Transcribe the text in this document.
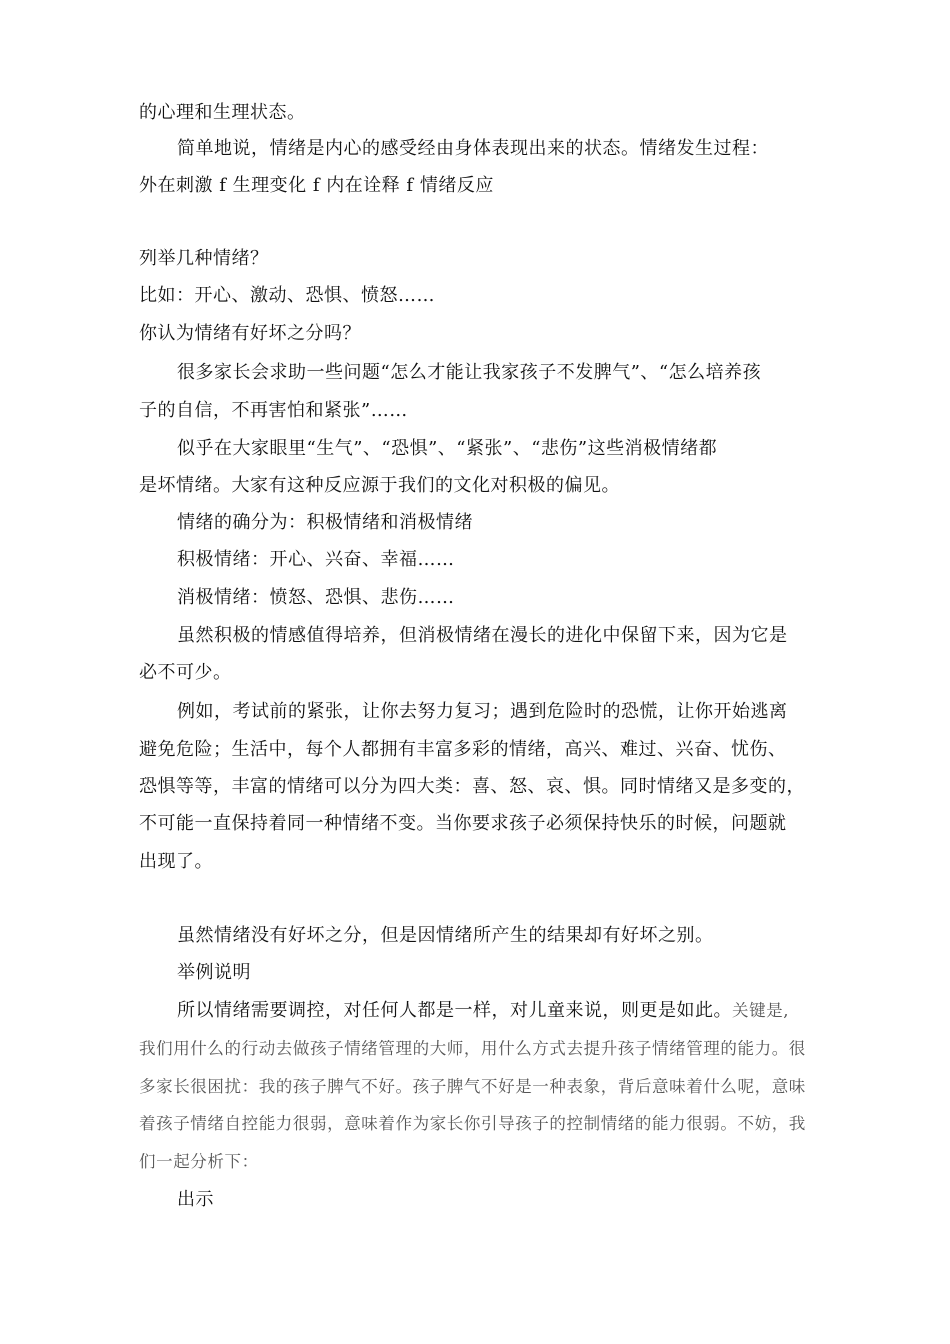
的心理和生理状态。
简单地说，情绪是内心的感受经由身体表现出来的状态。情绪发生过程：
外在刺激 f 生理变化 f 内在诠释 f 情绪反应
列举几种情绪？
比如：开心、激动、恐惧、愤怒……
你认为情绪有好坏之分吗？
很多家长会求助一些问题“怎么才能让我家孩子不发脾气”、“怎么培养孩
子的自信，不再害怕和紧张”……
似乎在大家眼里“生气”、“恐惧”、“紧张”、“悲伤”这些消极情绪都
是坏情绪。大家有这种反应源于我们的文化对积极的偏见。
情绪的确分为：积极情绪和消极情绪
积极情绪：开心、兴奋、幸福……
消极情绪：愤怒、恐惧、悲伤……
虽然积极的情感值得培养，但消极情绪在漫长的进化中保留下来，因为它是
必不可少。
例如，考试前的紧张，让你去努力复习；遇到危险时的恐慌，让你开始逃离
避免危险；生活中，每个人都拥有丰富多彩的情绪，高兴、难过、兴奋、忧伤、
恐惧等等，丰富的情绪可以分为四大类：喜、怒、哀、惧。同时情绪又是多变的，
不可能一直保持着同一种情绪不变。当你要求孩子必须保持快乐的时候，问题就
出现了。
虽然情绪没有好坏之分，但是因情绪所产生的结果却有好坏之别。
举例说明
所以情绪需要调控，对任何人都是一样，对儿童来说，则更是如此。关键是,
我们用什么的行动去做孩子情绪管理的大师，用什么方式去提升孩子情绪管理的能力。很
多家长很困扰：我的孩子脾气不好。孩子脾气不好是一种表象，背后意味着什么呢，意味
着孩子情绪自控能力很弱，意味着作为家长你引导孩子的控制情绪的能力很弱。不妨，我
们一起分析下：
出示
